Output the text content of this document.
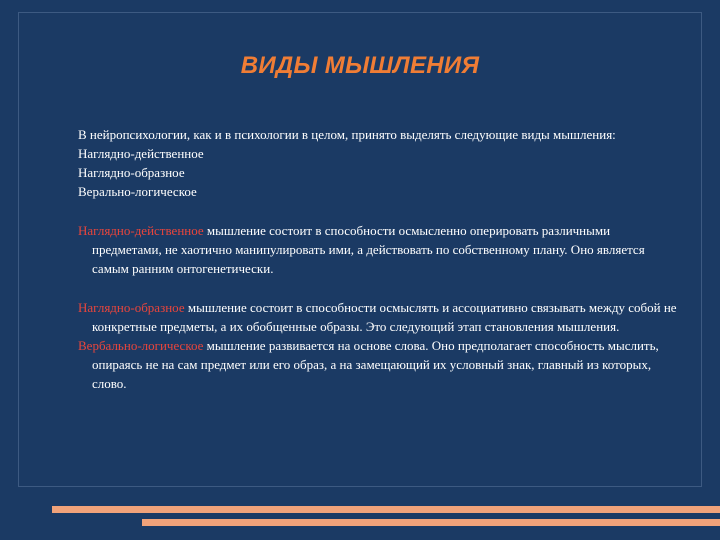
ВИДЫ МЫШЛЕНИЯ

В нейропсихологии, как и в психологии в целом, принято выделять следующие виды мышления:

Наглядно-действенное

Наглядно-образное

Верально-логическое

Наглядно-действенное мышление состоит в способности осмысленно оперировать различными предметами, не хаотично манипулировать ими, а действовать по собственному плану. Оно является самым ранним онтогенетически.

Наглядно-образное мышление состоит в способности осмыслять и ассоциативно связывать между собой не конкретные предметы, а их обобщенные образы. Это следующий этап становления мышления.

Вербально-логическое мышление развивается на основе слова. Оно предполагает способность мыслить, опираясь не на сам предмет или его образ, а на замещающий их условный знак, главный из которых, слово.
